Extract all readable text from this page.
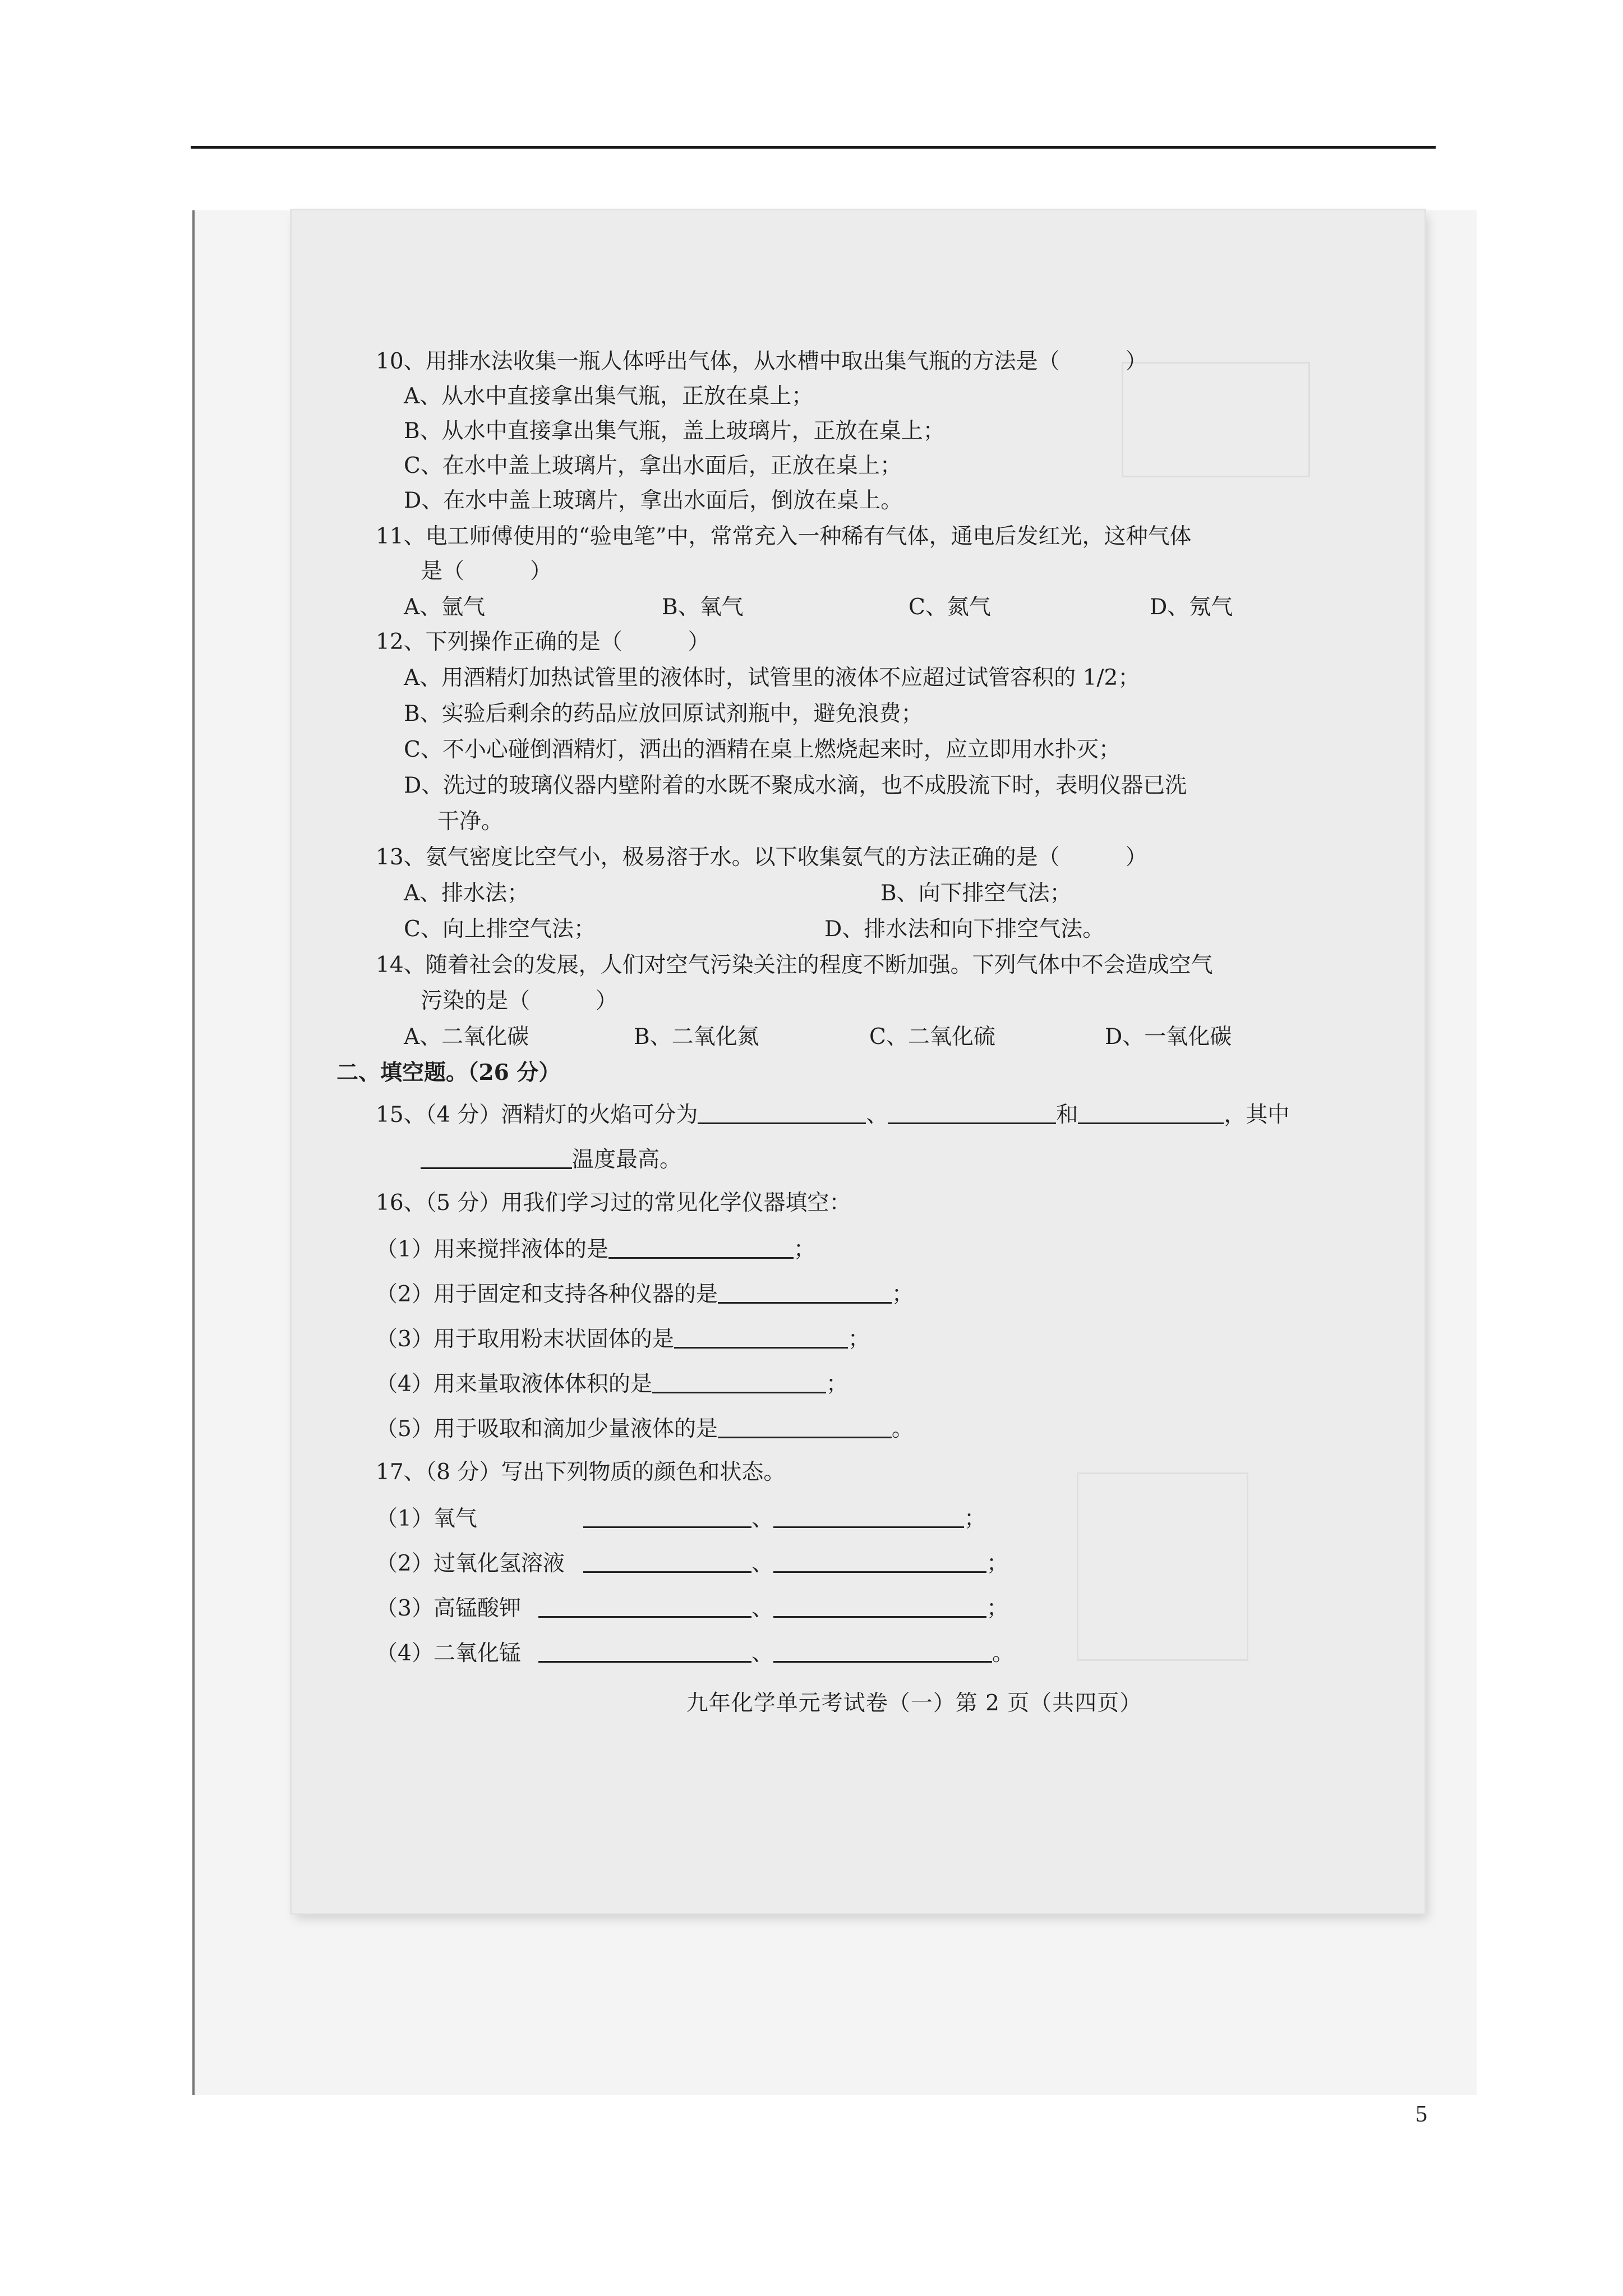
10、用排水法收集一瓶人体呼出气体，从水槽中取出集气瓶的方法是（　　　）
A、从水中直接拿出集气瓶，正放在桌上；
B、从水中直接拿出集气瓶，盖上玻璃片，正放在桌上；
C、在水中盖上玻璃片，拿出水面后，正放在桌上；
D、在水中盖上玻璃片，拿出水面后，倒放在桌上。
11、电工师傅使用的“验电笔”中，常常充入一种稀有气体，通电后发红光，这种气体
是（　　　）
A、氩气	B、氧气	C、氮气	D、氖气
12、下列操作正确的是（　　　）
A、用酒精灯加热试管里的液体时，试管里的液体不应超过试管容积的 1/2；
B、实验后剩余的药品应放回原试剂瓶中，避免浪费；
C、不小心碰倒酒精灯，洒出的酒精在桌上燃烧起来时，应立即用水扑灭；
D、洗过的玻璃仪器内壁附着的水既不聚成水滴，也不成股流下时，表明仪器已洗
干净。
13、氨气密度比空气小，极易溶于水。以下收集氨气的方法正确的是（　　　）
A、排水法；	B、向下排空气法；
C、向上排空气法；	D、排水法和向下排空气法。
14、随着社会的发展，人们对空气污染关注的程度不断加强。下列气体中不会造成空气
污染的是（　　　）
A、二氧化碳	B、二氧化氮	C、二氧化硫	D、一氧化碳
二、填空题。（26 分）
15、（4 分）酒精灯的火焰可分为	、	和	，其中
温度最高。
16、（5 分）用我们学习过的常见化学仪器填空：
（1）用来搅拌液体的是	；
（2）用于固定和支持各种仪器的是	；
（3）用于取用粉末状固体的是	；
（4）用来量取液体体积的是	；
（5）用于吸取和滴加少量液体的是	。
17、（8 分）写出下列物质的颜色和状态。
（1）氧气	、	；
（2）过氧化氢溶液	、	；
（3）高锰酸钾	、	；
（4）二氧化锰	、	。
九年化学单元考试卷（一）第 2 页（共四页）
5
